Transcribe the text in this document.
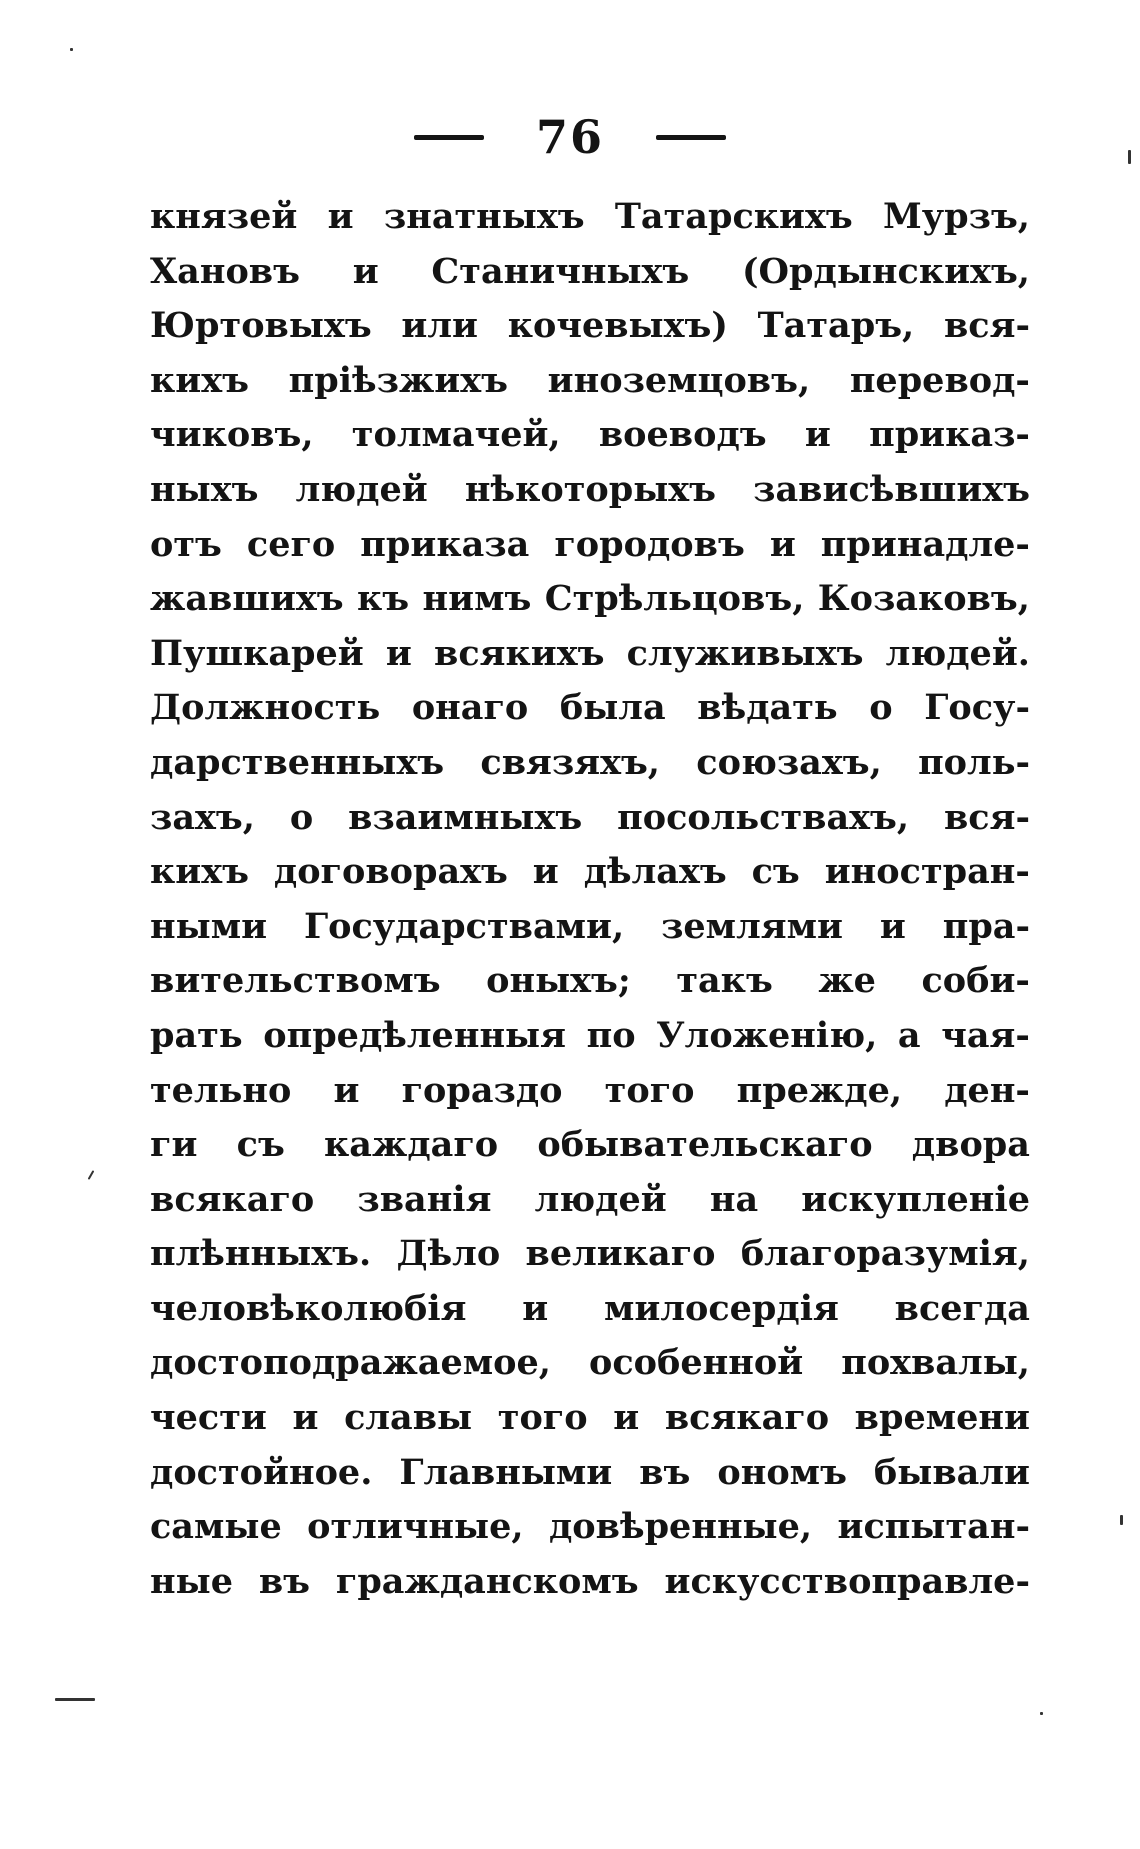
76
князей и знатныхъ Татарскихъ Мурзъ,
Хановъ и Станичныхъ (Ордынскихъ,
Юртовыхъ или кочевыхъ) Татаръ, вся-
кихъ пріѣзжихъ иноземцовъ, перевод-
чиковъ, толмачей, воеводъ и приказ-
ныхъ людей нѣкоторыхъ зависѣвшихъ
отъ сего приказа городовъ и принадле-
жавшихъ къ нимъ Стрѣльцовъ, Козаковъ,
Пушкарей и всякихъ служивыхъ людей.
Должность онаго была вѣдать о Госу-
дарственныхъ связяхъ, союзахъ, поль-
захъ, о взаимныхъ посольствахъ, вся-
кихъ договорахъ и дѣлахъ съ иностран-
ными Государствами, землями и пра-
вительствомъ оныхъ; такъ же соби-
рать опредѣленныя по Уложенію, а чая-
тельно и гораздо того прежде, ден-
ги съ каждаго обывательскаго двора
всякаго званія людей на искупленіе
плѣнныхъ. Дѣло великаго благоразумія,
человѣколюбія и милосердія всегда
достоподражаемое, особенной похвалы,
чести и славы того и всякаго времени
достойное. Главными въ ономъ бывали
самые отличные, довѣренные, испытан-
ные въ гражданскомъ искусствоправле-
